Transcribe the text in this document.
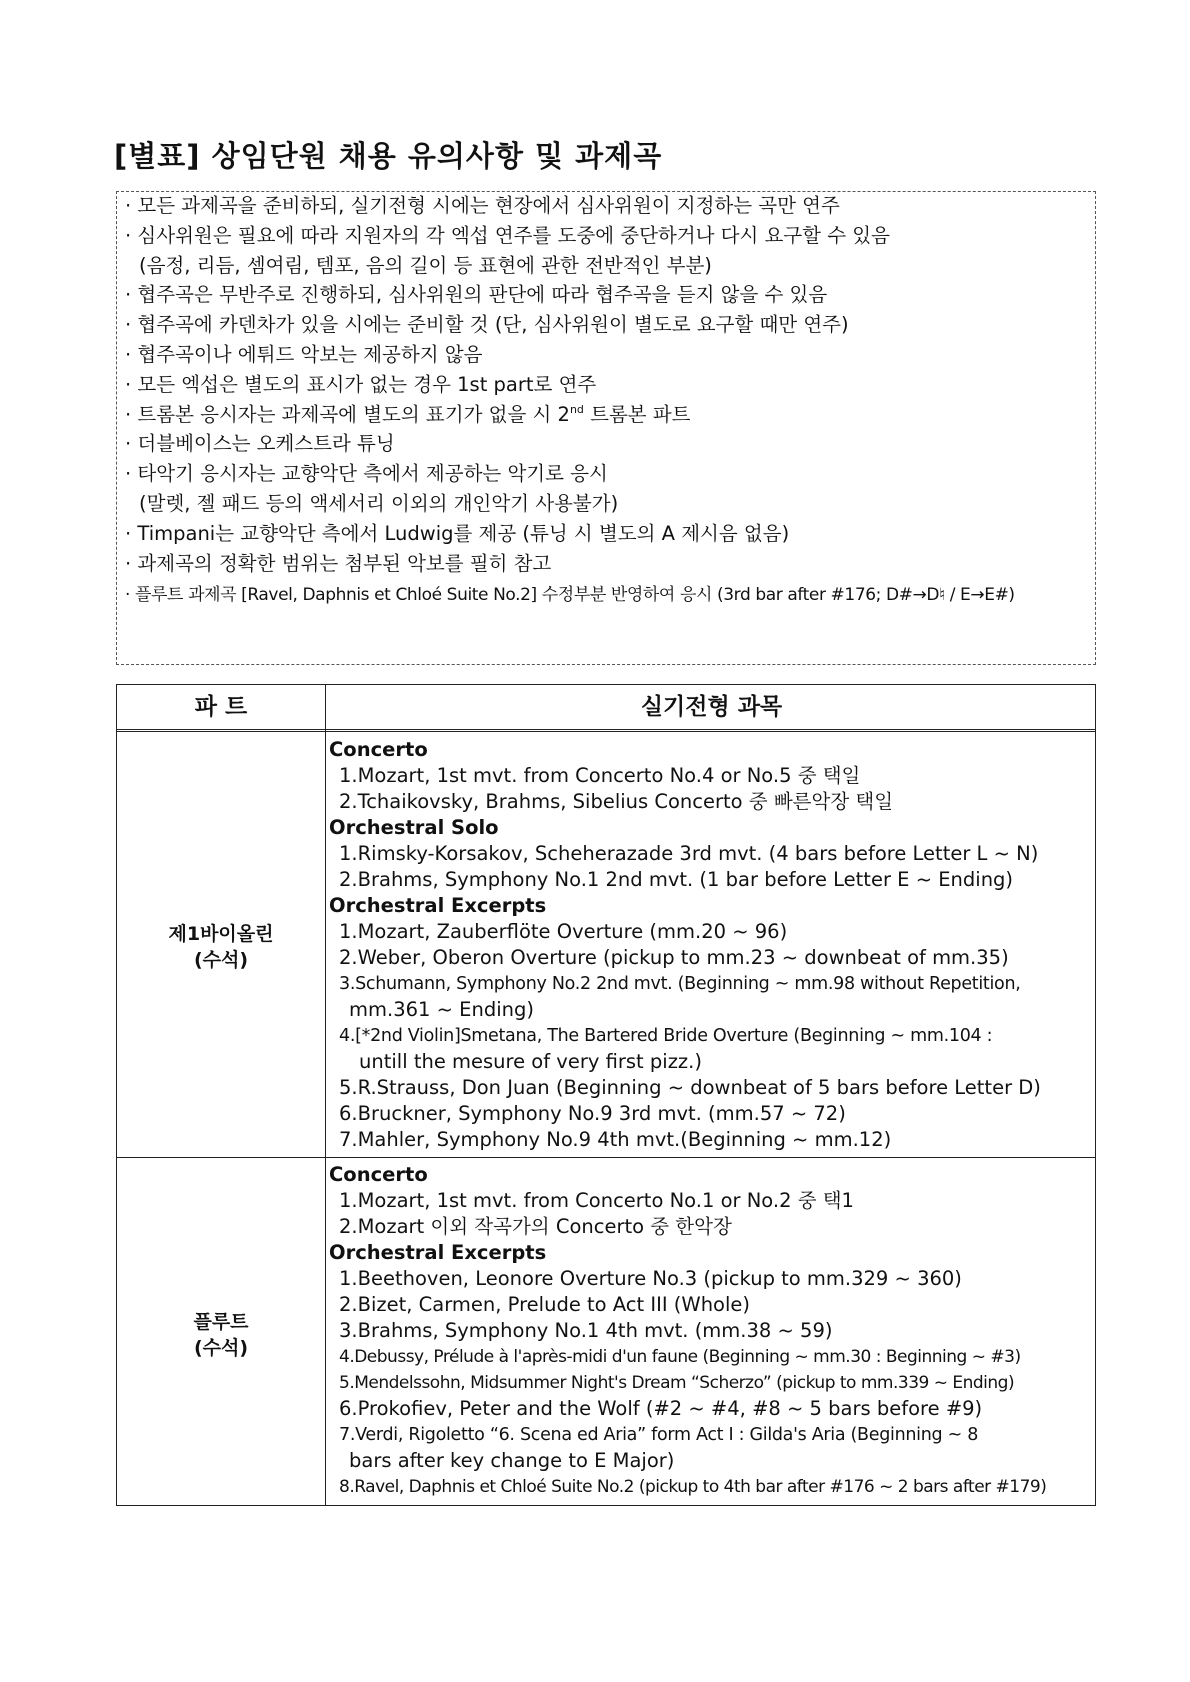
[별표] 상임단원 채용 유의사항 및 과제곡
· 모든 과제곡을 준비하되, 실기전형 시에는 현장에서 심사위원이 지정하는 곡만 연주
· 심사위원은 필요에 따라 지원자의 각 엑섭 연주를 도중에 중단하거나 다시 요구할 수 있음
(음정, 리듬, 셈여림, 템포, 음의 길이 등 표현에 관한 전반적인 부분)
· 협주곡은 무반주로 진행하되, 심사위원의 판단에 따라 협주곡을 듣지 않을 수 있음
· 협주곡에 카덴차가 있을 시에는 준비할 것 (단, 심사위원이 별도로 요구할 때만 연주)
· 협주곡이나 에튀드 악보는 제공하지 않음
· 모든 엑섭은 별도의 표시가 없는 경우 1st part로 연주
· 트롬본 응시자는 과제곡에 별도의 표기가 없을 시 2nd 트롬본 파트
· 더블베이스는 오케스트라 튜닝
· 타악기 응시자는 교향악단 측에서 제공하는 악기로 응시
(말렛, 젤 패드 등의 액세서리 이외의 개인악기 사용불가)
· Timpani는 교향악단 측에서 Ludwig를 제공 (튜닝 시 별도의 A 제시음 없음)
· 과제곡의 정확한 범위는 첨부된 악보를 필히 참고
· 플루트 과제곡 [Ravel, Daphnis et Chloé Suite No.2] 수정부분 반영하여 응시 (3rd bar after #176; D#→D♮ / E→E#)
파 트	실기전형 과목
제1바이올린
(수석)
Concerto
1.Mozart, 1st mvt. from Concerto No.4 or No.5 중 택일
2.Tchaikovsky, Brahms, Sibelius Concerto 중 빠른악장 택일
Orchestral Solo
1.Rimsky-Korsakov, Scheherazade 3rd mvt. (4 bars before Letter L ~ N)
2.Brahms, Symphony No.1 2nd mvt. (1 bar before Letter E ~ Ending)
Orchestral Excerpts
1.Mozart, Zauberflöte Overture (mm.20 ~ 96)
2.Weber, Oberon Overture (pickup to mm.23 ~ downbeat of mm.35)
3.Schumann, Symphony No.2 2nd mvt. (Beginning ~ mm.98 without Repetition,
mm.361 ~ Ending)
4.[*2nd Violin]Smetana, The Bartered Bride Overture (Beginning ~ mm.104 :
untill the mesure of very first pizz.)
5.R.Strauss, Don Juan (Beginning ~ downbeat of 5 bars before Letter D)
6.Bruckner, Symphony No.9 3rd mvt. (mm.57 ~ 72)
7.Mahler, Symphony No.9 4th mvt.(Beginning ~ mm.12)
플루트
(수석)
Concerto
1.Mozart, 1st mvt. from Concerto No.1 or No.2 중 택1
2.Mozart 이외 작곡가의 Concerto 중 한악장
Orchestral Excerpts
1.Beethoven, Leonore Overture No.3 (pickup to mm.329 ~ 360)
2.Bizet, Carmen, Prelude to Act III (Whole)
3.Brahms, Symphony No.1 4th mvt. (mm.38 ~ 59)
4.Debussy, Prélude à l'après-midi d'un faune (Beginning ~ mm.30 : Beginning ~ #3)
5.Mendelssohn, Midsummer Night's Dream “Scherzo” (pickup to mm.339 ~ Ending)
6.Prokofiev, Peter and the Wolf (#2 ~ #4, #8 ~ 5 bars before #9)
7.Verdi, Rigoletto “6. Scena ed Aria” form Act I : Gilda's Aria (Beginning ~ 8
bars after key change to E Major)
8.Ravel, Daphnis et Chloé Suite No.2 (pickup to 4th bar after #176 ~ 2 bars after #179)
